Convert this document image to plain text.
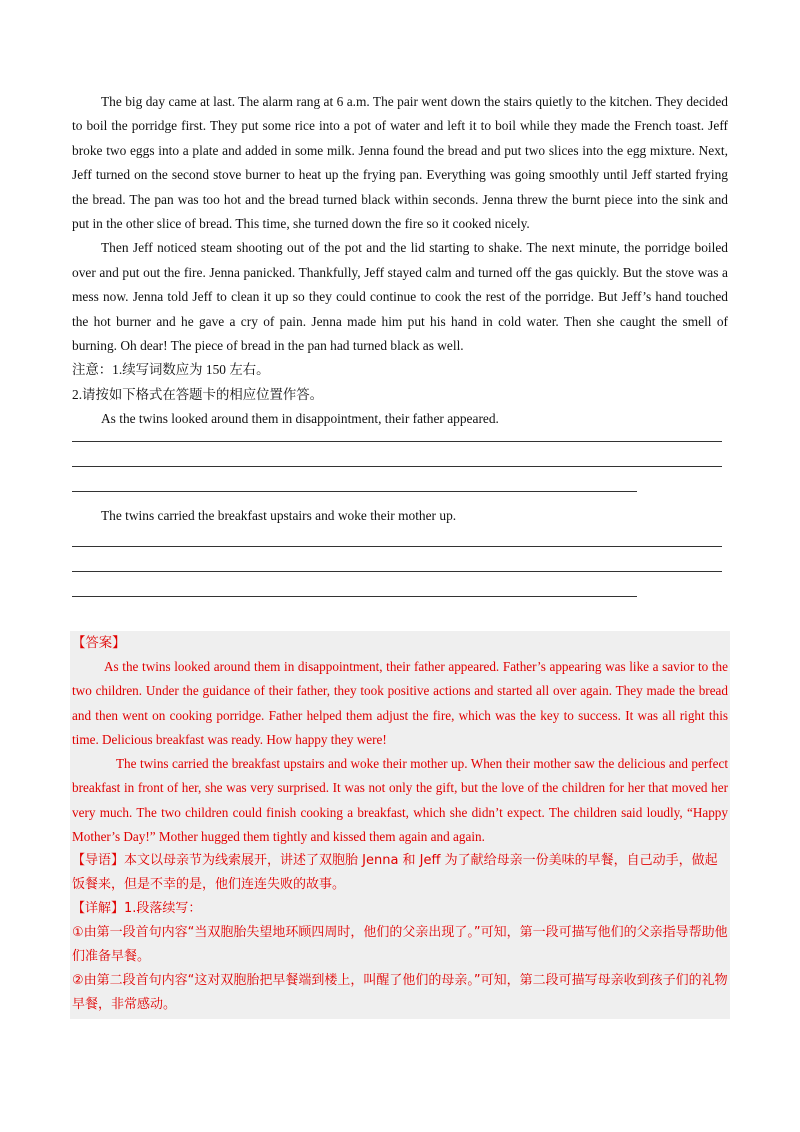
The big day came at last. The alarm rang at 6 a.m. The pair went down the stairs quietly to the kitchen. They decided to boil the porridge first. They put some rice into a pot of water and left it to boil while they made the French toast. Jeff broke two eggs into a plate and added in some milk. Jenna found the bread and put two slices into the egg mixture. Next, Jeff turned on the second stove burner to heat up the frying pan. Everything was going smoothly until Jeff started frying the bread. The pan was too hot and the bread turned black within seconds. Jenna threw the burnt piece into the sink and put in the other slice of bread. This time, she turned down the fire so it cooked nicely.

Then Jeff noticed steam shooting out of the pot and the lid starting to shake. The next minute, the porridge boiled over and put out the fire. Jenna panicked. Thankfully, Jeff stayed calm and turned off the gas quickly. But the stove was a mess now. Jenna told Jeff to clean it up so they could continue to cook the rest of the porridge. But Jeff’s hand touched the hot burner and he gave a cry of pain. Jenna made him put his hand in cold water. Then she caught the smell of burning. Oh dear! The piece of bread in the pan had turned black as well.

注意：1.续写词数应为 150 左右。

2.请按如下格式在答题卡的相应位置作答。

As the twins looked around them in disappointment, their father appeared.

The twins carried the breakfast upstairs and woke their mother up.

【答案】

As the twins looked around them in disappointment, their father appeared. Father’s appearing was like a savior to the two children. Under the guidance of their father, they took positive actions and started all over again. They made the bread and then went on cooking porridge. Father helped them adjust the fire, which was the key to success. It was all right this time. Delicious breakfast was ready. How happy they were!

The twins carried the breakfast upstairs and woke their mother up. When their mother saw the delicious and perfect breakfast in front of her, she was very surprised. It was not only the gift, but the love of the children for her that moved her very much. The two children could finish cooking a breakfast, which she didn’t expect. The children said loudly, “Happy Mother’s Day!” Mother hugged them tightly and kissed them again and again.

【导语】本文以母亲节为线索展开，讲述了双胞胎 Jenna 和 Jeff 为了献给母亲一份美味的早餐，自己动手，做起饭餐来，但是不幸的是，他们连连失败的故事。

【详解】1.段落续写：

①由第一段首句内容“当双胞胎失望地环顾四周时，他们的父亲出现了。”可知，第一段可描写他们的父亲指导帮助他们准备早餐。

②由第二段首句内容“这对双胞胎把早餐端到楼上，叫醒了他们的母亲。”可知，第二段可描写母亲收到孩子们的礼物早餐，非常感动。
